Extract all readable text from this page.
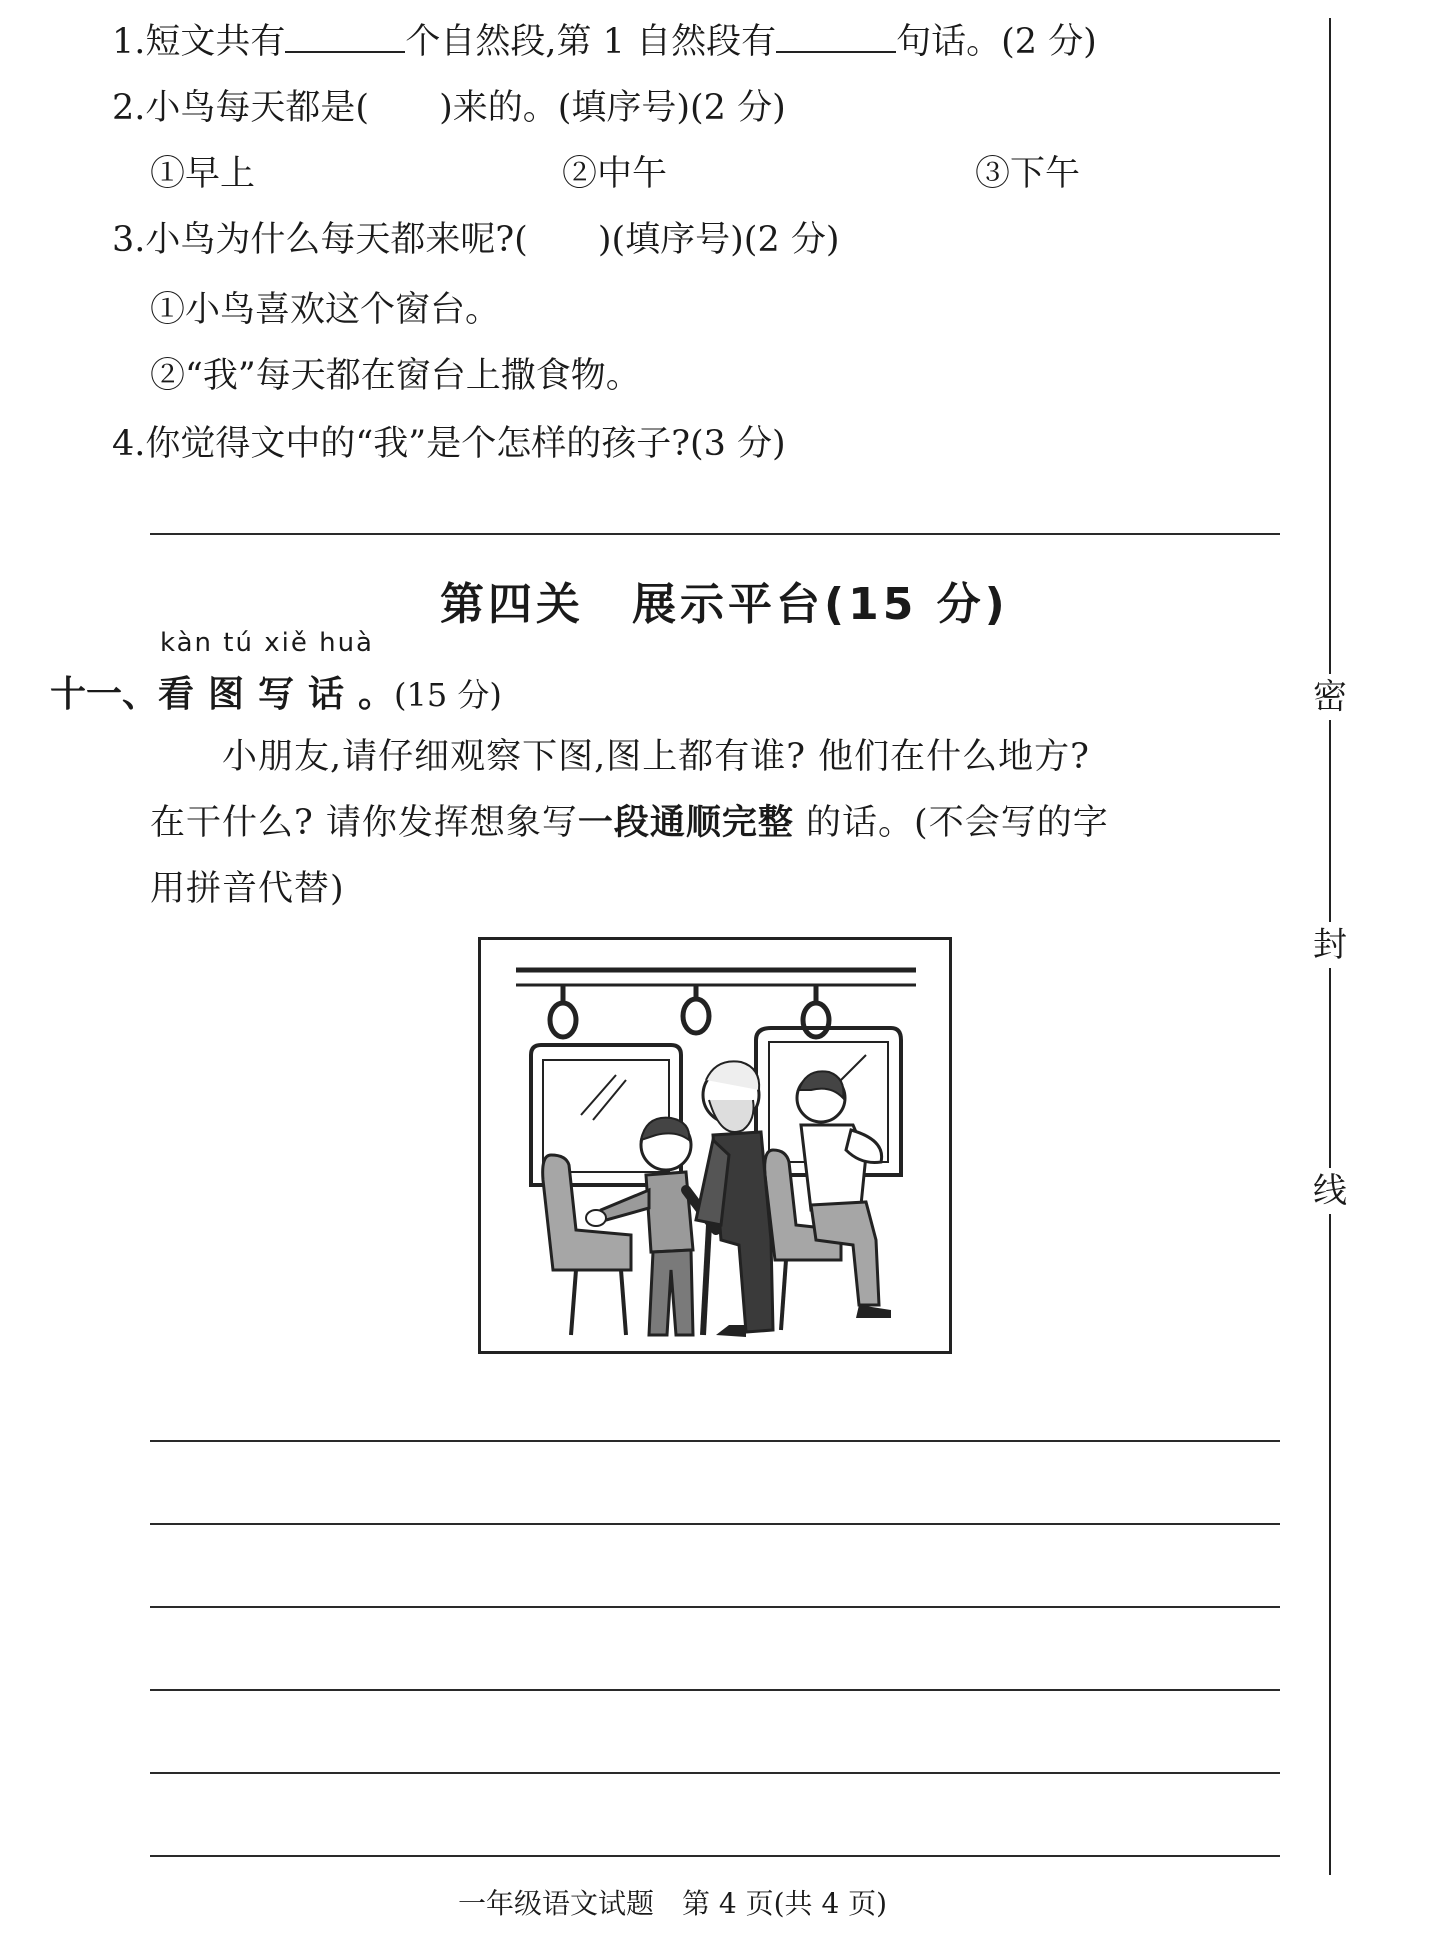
1.短文共有	个自然段,第 1 自然段有	句话。(2 分)
2.小鸟每天都是( )来的。(填序号)(2 分)
①早上	②中午	③下午
3.小鸟为什么每天都来呢?( )(填序号)(2 分)
①小鸟喜欢这个窗台。
②“我”每天都在窗台上撒食物。
4.你觉得文中的“我”是个怎样的孩子?(3 分)
第四关　展示平台(15 分)
kàn tú xiě huà
十一、看图写话。(15 分)
小朋友,请仔细观察下图,图上都有谁? 他们在什么地方?
在干什么? 请你发挥想象写一段通顺完整 的话。(不会写的字
用拼音代替)
密
封
线
一年级语文试题　第 4 页(共 4 页)
